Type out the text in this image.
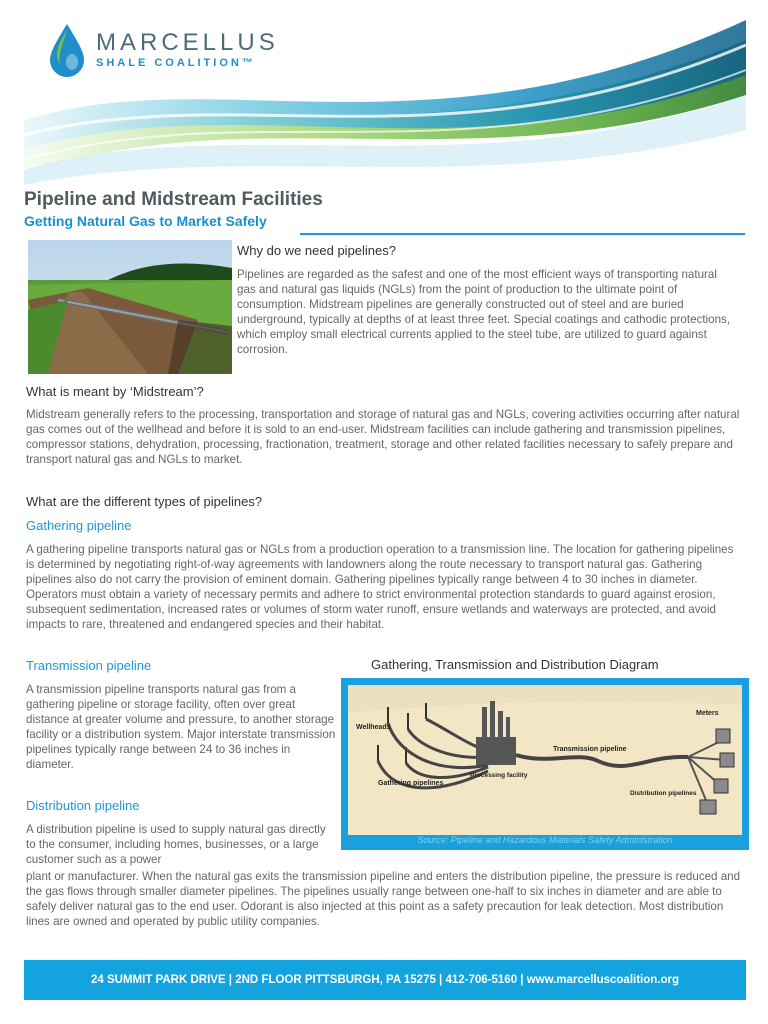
MARCELLUS
SHALE COALITION™
Pipeline and Midstream Facilities
Getting Natural Gas to Market Safely
Why do we need pipelines?

Pipelines are regarded as the safest and one of the most efficient ways of transporting natural gas and natural gas liquids (NGLs) from the point of production to the ultimate point of consumption. Midstream pipelines are generally constructed out of steel and are buried underground, typically at depths of at least three feet. Special coatings and cathodic protections, which employ small electrical currents applied to the steel tube, are utilized to guard against corrosion.

What is meant by ‘Midstream’?

Midstream generally refers to the processing, transportation and storage of natural gas and NGLs, covering activities occurring after natural gas comes out of the wellhead and before it is sold to an end-user. Midstream facilities can include gathering and transmission pipelines, compressor stations, dehydration, processing, fractionation, treatment, storage and other related facilities necessary to safely prepare and transport natural gas and NGLs to market.

What are the different types of pipelines?
Gathering pipeline

A gathering pipeline transports natural gas or NGLs from a production operation to a transmission line. The location for gathering pipelines is determined by negotiating right-of-way agreements with landowners along the route necessary to transport natural gas. Gathering pipelines also do not carry the provision of eminent domain. Gathering pipelines typically range between 4 to 30 inches in diameter. Operators must obtain a variety of necessary permits and adhere to strict environmental protection standards to guard against erosion, subsequent sedimentation, increased rates or volumes of storm water runoff, ensure wetlands and waterways are protected, and avoid impacts to rare, threatened and endangered species and their habitat.

Transmission pipeline

A transmission pipeline transports natural gas from a gathering pipeline or storage facility, often over great distance at greater volume and pressure, to another storage facility or a distribution system. Major interstate transmission pipelines typically range between 24 to 36 inches in diameter.

Distribution pipeline

A distribution pipeline is used to supply natural gas directly to the consumer, including homes, businesses, or a large customer such as a power

plant or manufacturer. When the natural gas exits the transmission pipeline and enters the distribution pipeline, the pressure is reduced and the gas flows through smaller diameter pipelines. The pipelines usually range between one-half to six inches in diameter and are able to safely deliver natural gas to the end user. Odorant is also injected at this point as a safety precaution for leak detection. Most distribution lines are owned and operated by public utility companies.

Gathering, Transmission and Distribution Diagram
Wellheads
Gathering pipelines
Processing facility
Transmission pipeline
Meters
Distribution pipelines
Source: Pipeline and Hazardous Materials Safety Administration
24 SUMMIT PARK DRIVE | 2ND FLOOR PITTSBURGH, PA 15275 | 412-706-5160 | www.marcelluscoalition.org
